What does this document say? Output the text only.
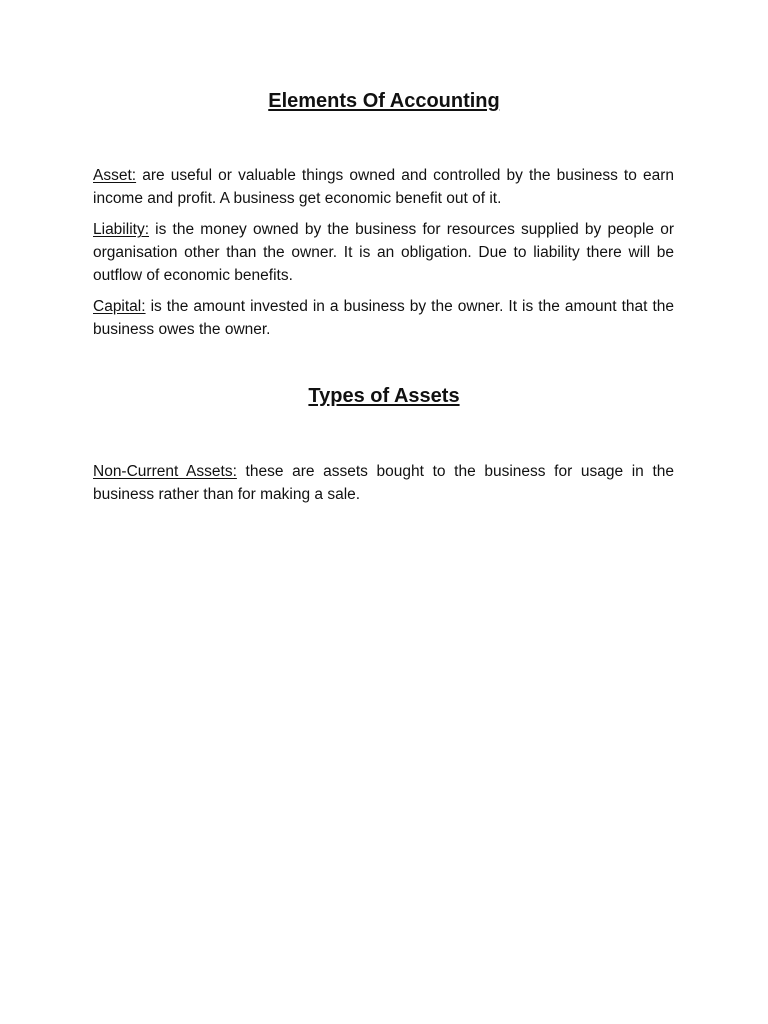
Elements Of Accounting

Asset: are useful or valuable things owned and controlled by the business to earn income and profit. A business get economic benefit out of it.

Liability: is the money owned by the business for resources supplied by people or organisation other than the owner. It is an obligation. Due to liability there will be outflow of economic benefits.

Capital: is the amount invested in a business by the owner. It is the amount that the business owes the owner.

Types of Assets

Non-Current Assets: these are assets bought to the business for usage in the business rather than for making a sale.
